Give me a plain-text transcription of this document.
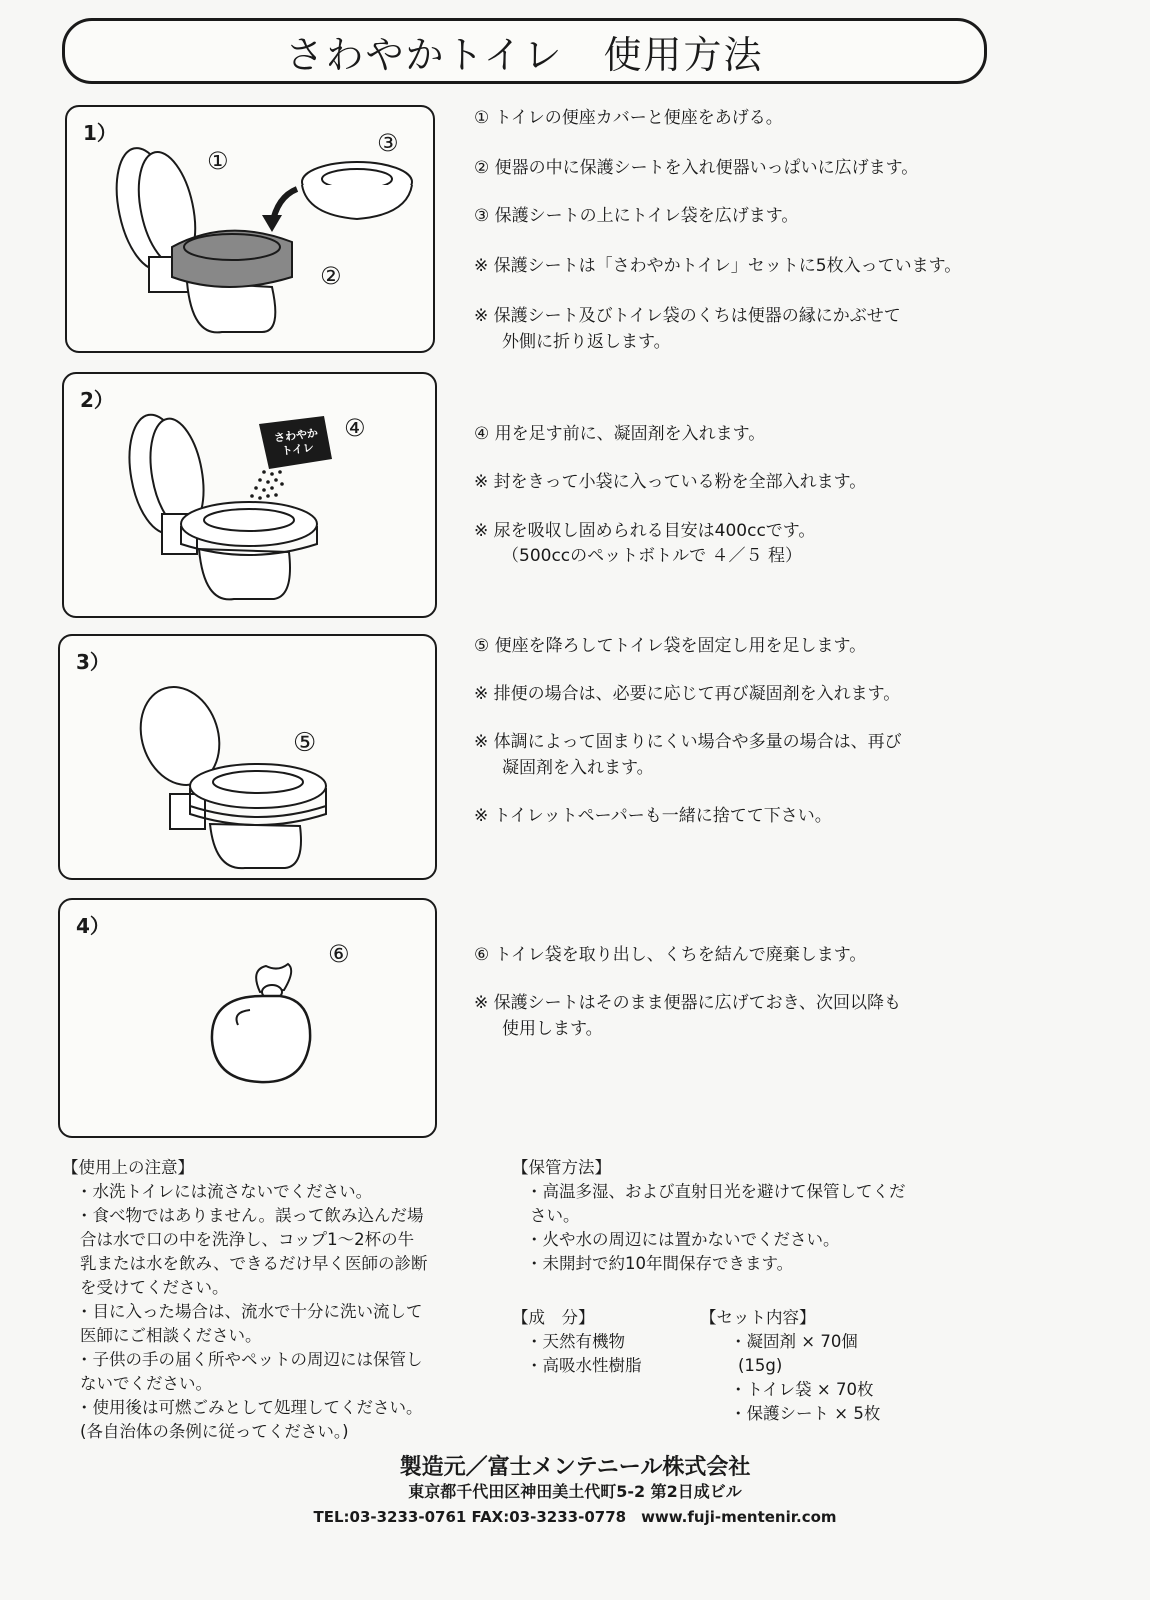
さわやかトイレ　使用方法
1）
①
②
③
2）
さわやか
トイレ
④
3）
⑤
4）
⑥
① トイレの便座カバーと便座をあげる。
② 便器の中に保護シートを入れ便器いっぱいに広げます。
③ 保護シートの上にトイレ袋を広げます。
※ 保護シートは「さわやかトイレ」セットに5枚入っています。
※ 保護シート及びトイレ袋のくちは便器の縁にかぶせて
外側に折り返します。
④ 用を足す前に、凝固剤を入れます。
※ 封をきって小袋に入っている粉を全部入れます。
※ 尿を吸収し固められる目安は400ccです。
（500ccのペットボトルで ４／５ 程）
⑤ 便座を降ろしてトイレ袋を固定し用を足します。
※ 排便の場合は、必要に応じて再び凝固剤を入れます。
※ 体調によって固まりにくい場合や多量の場合は、再び
凝固剤を入れます。
※ トイレットペーパーも一緒に捨てて下さい。
⑥ トイレ袋を取り出し、くちを結んで廃棄します。
※ 保護シートはそのまま便器に広げておき、次回以降も
使用します。
【使用上の注意】
・水洗トイレには流さないでください。
・食べ物ではありません。誤って飲み込んだ場
合は水で口の中を洗浄し、コップ1～2杯の牛
乳または水を飲み、できるだけ早く医師の診断
を受けてください。
・目に入った場合は、流水で十分に洗い流して
医師にご相談ください。
・子供の手の届く所やペットの周辺には保管し
ないでください。
・使用後は可燃ごみとして処理してください。
(各自治体の条例に従ってください。)
【保管方法】
・高温多湿、および直射日光を避けて保管してくだ
さい。
・火や水の周辺には置かないでください。
・未開封で約10年間保存できます。
【成　分】
・天然有機物
・高吸水性樹脂
【セット内容】
・凝固剤 × 70個
(15g)
・トイレ袋 × 70枚
・保護シート × 5枚
製造元／富士メンテニール株式会社
東京都千代田区神田美土代町5-2 第2日成ビル
TEL:03-3233-0761 FAX:03-3233-0778　www.fuji-mentenir.com
